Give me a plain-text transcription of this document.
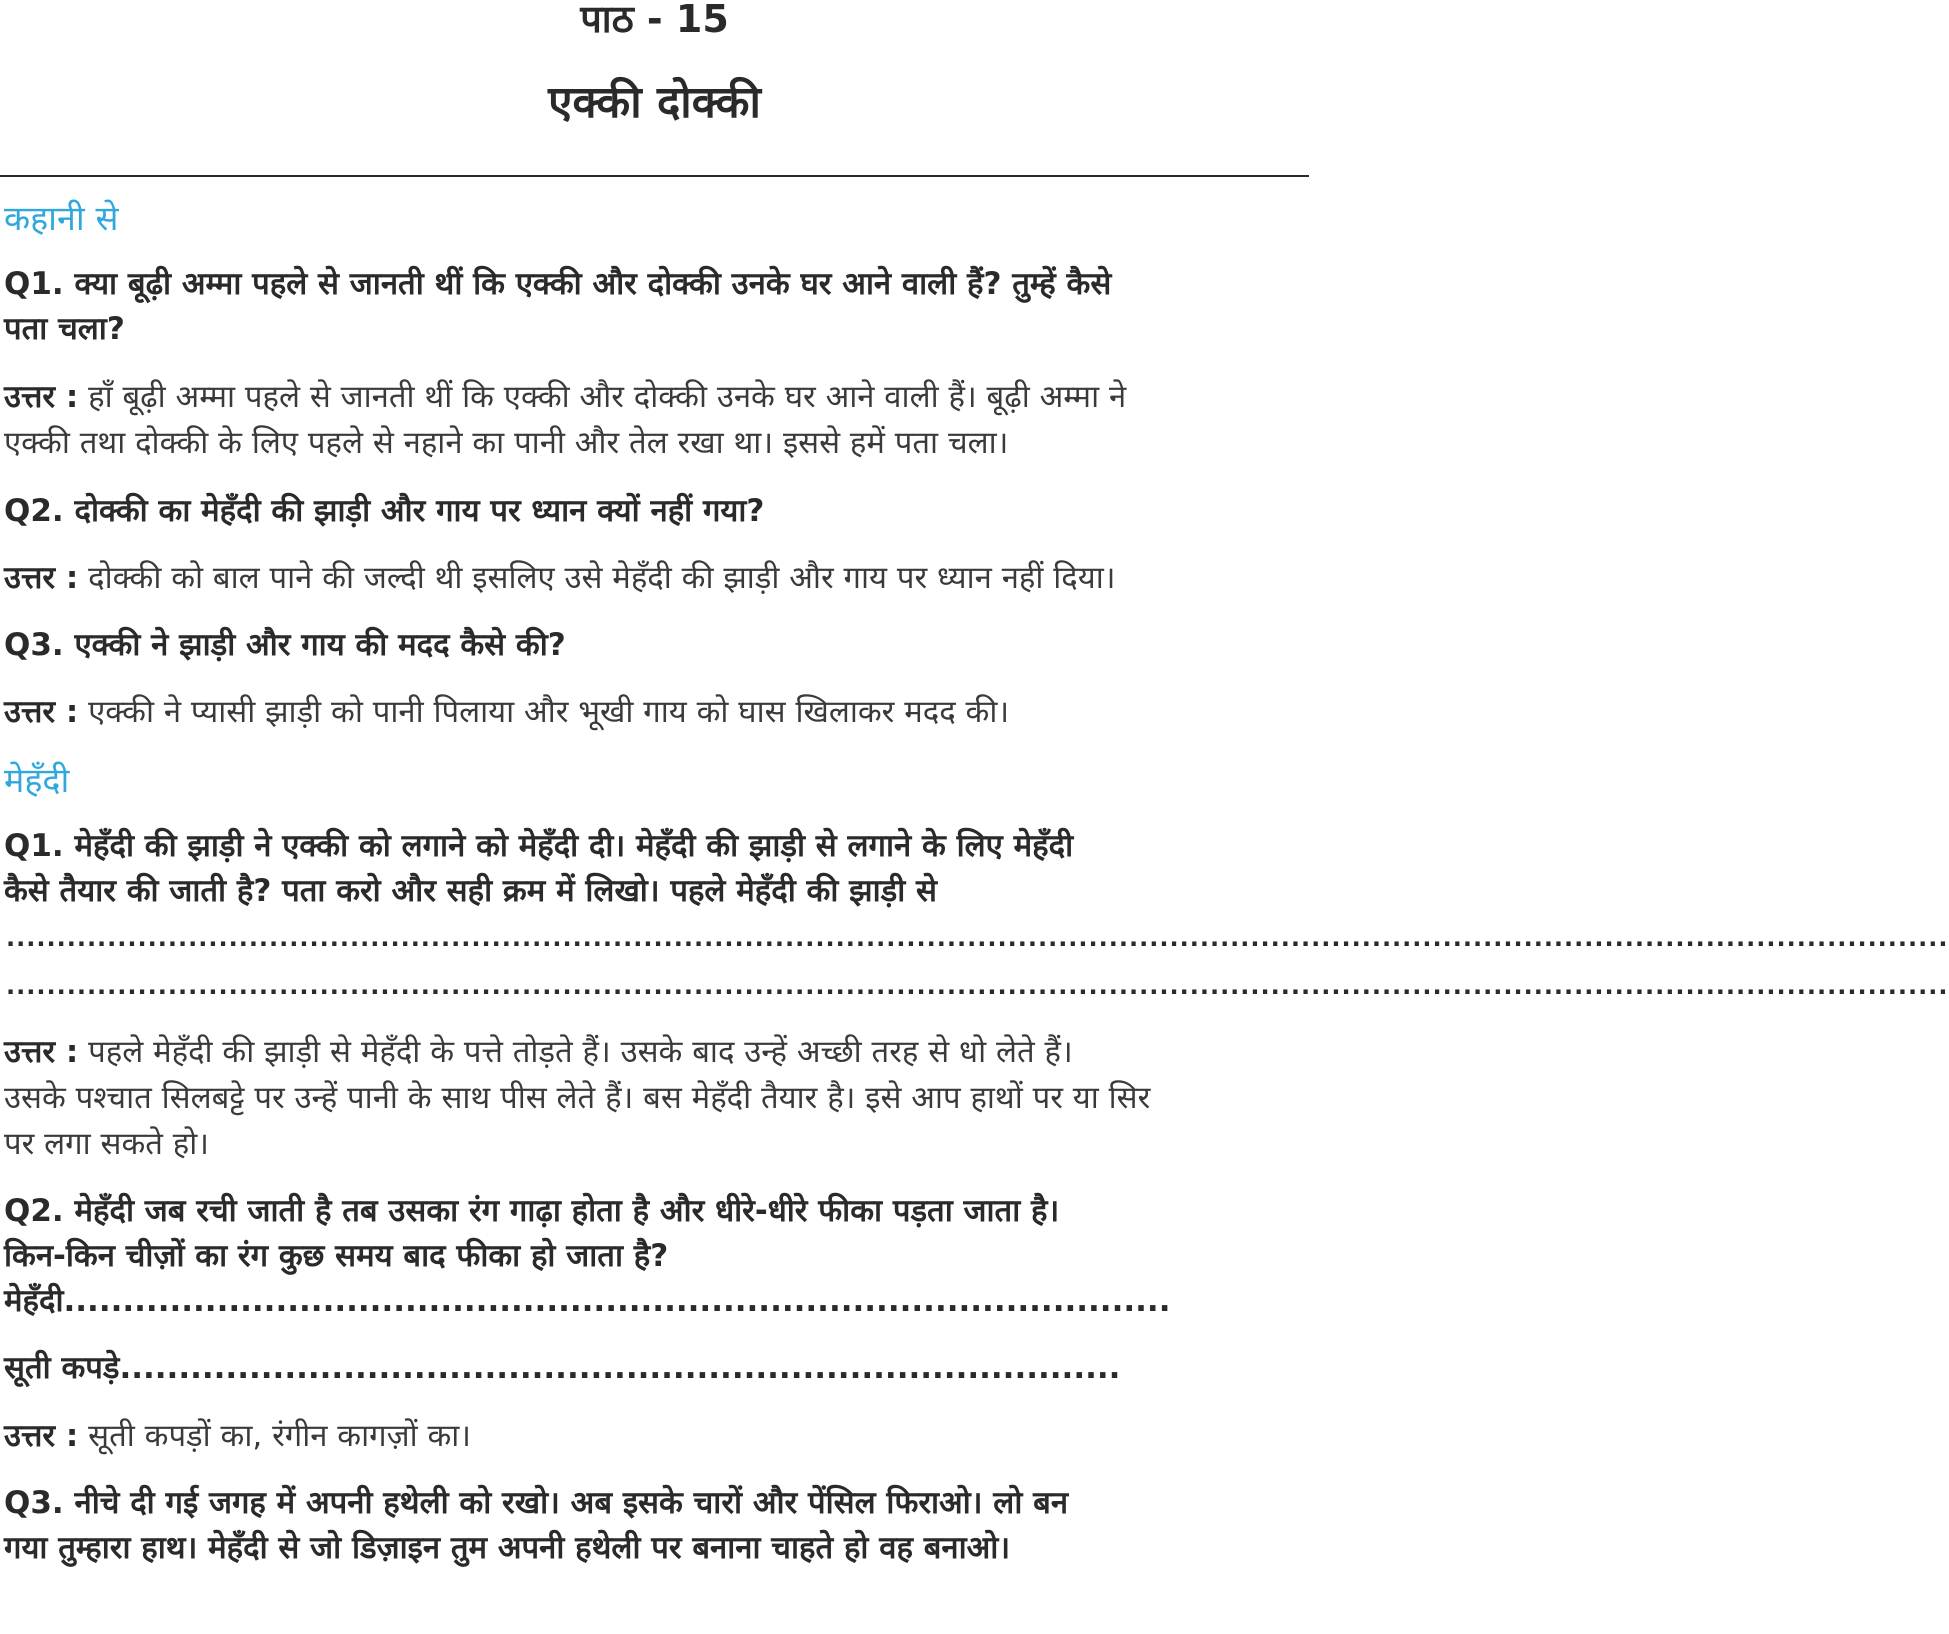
पाठ - 15
एक्की दोक्की
कहानी से
Q1. क्या बूढ़ी अम्मा पहले से जानती थीं कि एक्की और दोक्की उनके घर आने वाली हैं? तुम्हें कैसे
पता चला?
उत्तर : हाँ बूढ़ी अम्मा पहले से जानती थीं कि एक्की और दोक्की उनके घर आने वाली हैं। बूढ़ी अम्मा ने
एक्की तथा दोक्की के लिए पहले से नहाने का पानी और तेल रखा था। इससे हमें पता चला।
Q2. दोक्की का मेहँदी की झाड़ी और गाय पर ध्यान क्यों नहीं गया?
उत्तर : दोक्की को बाल पाने की जल्दी थी इसलिए उसे मेहँदी की झाड़ी और गाय पर ध्यान नहीं दिया।
Q3. एक्की ने झाड़ी और गाय की मदद कैसे की?
उत्तर : एक्की ने प्यासी झाड़ी को पानी पिलाया और भूखी गाय को घास खिलाकर मदद की।
मेहँदी
Q1. मेहँदी की झाड़ी ने एक्की को लगाने को मेहँदी दी। मेहँदी की झाड़ी से लगाने के लिए मेहँदी
कैसे तैयार की जाती है? पता करो और सही क्रम में लिखो। पहले मेहँदी की झाड़ी से
................................................................................................................................................................................................
................................................................................................................................................................................................
उत्तर : पहले मेहँदी की झाड़ी से मेहँदी के पत्ते तोड़ते हैं। उसके बाद उन्हें अच्छी तरह से धो लेते हैं।
उसके पश्चात सिलबट्टे पर उन्हें पानी के साथ पीस लेते हैं। बस मेहँदी तैयार है। इसे आप हाथों पर या सिर
पर लगा सकते हो।
Q2. मेहँदी जब रची जाती है तब उसका रंग गाढ़ा होता है और धीरे-धीरे फीका पड़ता जाता है।
किन-किन चीज़ों का रंग कुछ समय बाद फीका हो जाता है?
मेहँदी..............................................................................................
सूती कपड़े.....................................................................................
उत्तर : सूती कपड़ों का, रंगीन कागज़ों का।
Q3. नीचे दी गई जगह में अपनी हथेली को रखो। अब इसके चारों और पेंसिल फिराओ। लो बन
गया तुम्हारा हाथ। मेहँदी से जो डिज़ाइन तुम अपनी हथेली पर बनाना चाहते हो वह बनाओ।
